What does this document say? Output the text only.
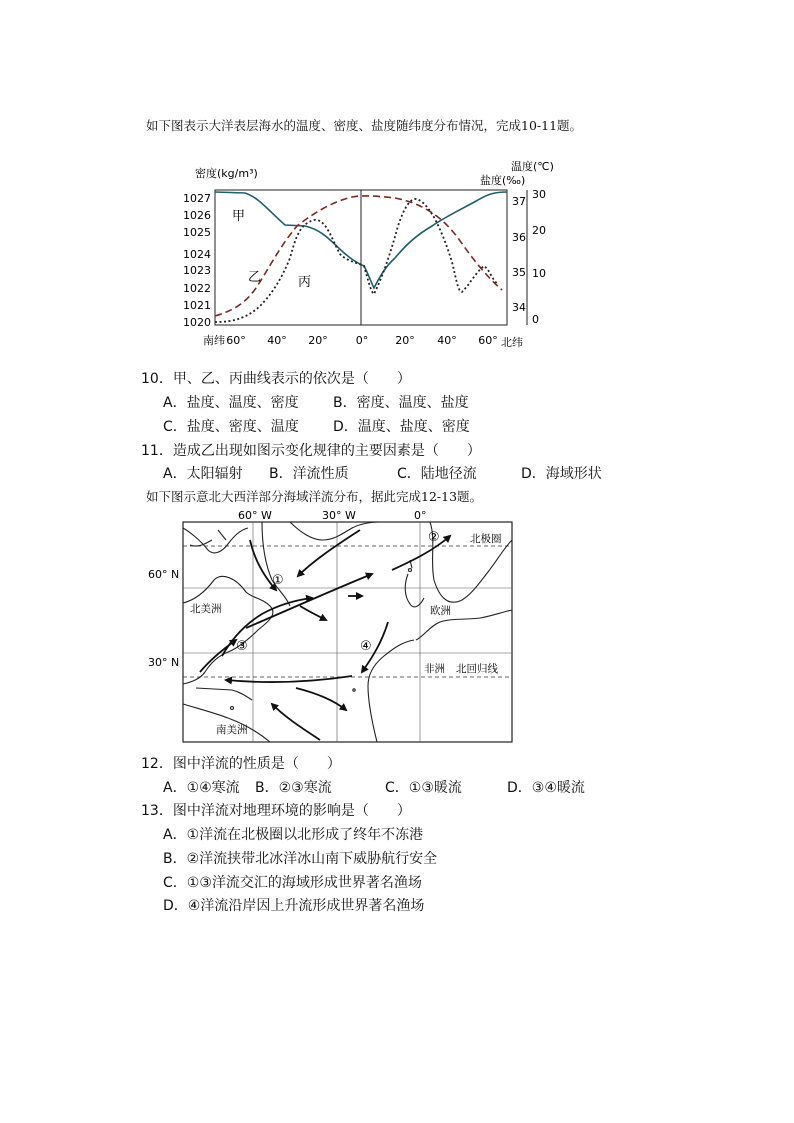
如下图表示大洋表层海水的温度、密度、盐度随纬度分布情况，完成10-11题。
密度(kg/m³)
温度(℃)
盐度(‰)
1027
1026
1025
1024
1023
1022
1021
1020
37
36
35
34
30
20
10
0
南纬 60° 40° 20°	0° 20° 40° 60° 北纬
甲
乙	丙
10．甲、乙、丙曲线表示的依次是（　　）
A．盐度、温度、密度 B．密度、温度、盐度
C．盐度、密度、温度 D．温度、盐度、密度
11．造成乙出现如图示变化规律的主要因素是（　　）
A．太阳辐射 B．洋流性质	C．陆地径流	D．海域形状
如下图示意北大西洋部分海域洋流分布，据此完成12-13题。
60° W	30° W	0°
60° N
30° N
①
②
③	④
北极圈
北美洲	欧洲
非洲 北回归线
南美洲
12．图中洋流的性质是（　　）
A．①④寒流 B．②③寒流	C．①③暖流	D．③④暖流
13．图中洋流对地理环境的影响是（　　）
A．①洋流在北极圈以北形成了终年不冻港
B．②洋流挟带北冰洋冰山南下威胁航行安全
C．①③洋流交汇的海域形成世界著名渔场
D．④洋流沿岸因上升流形成世界著名渔场
